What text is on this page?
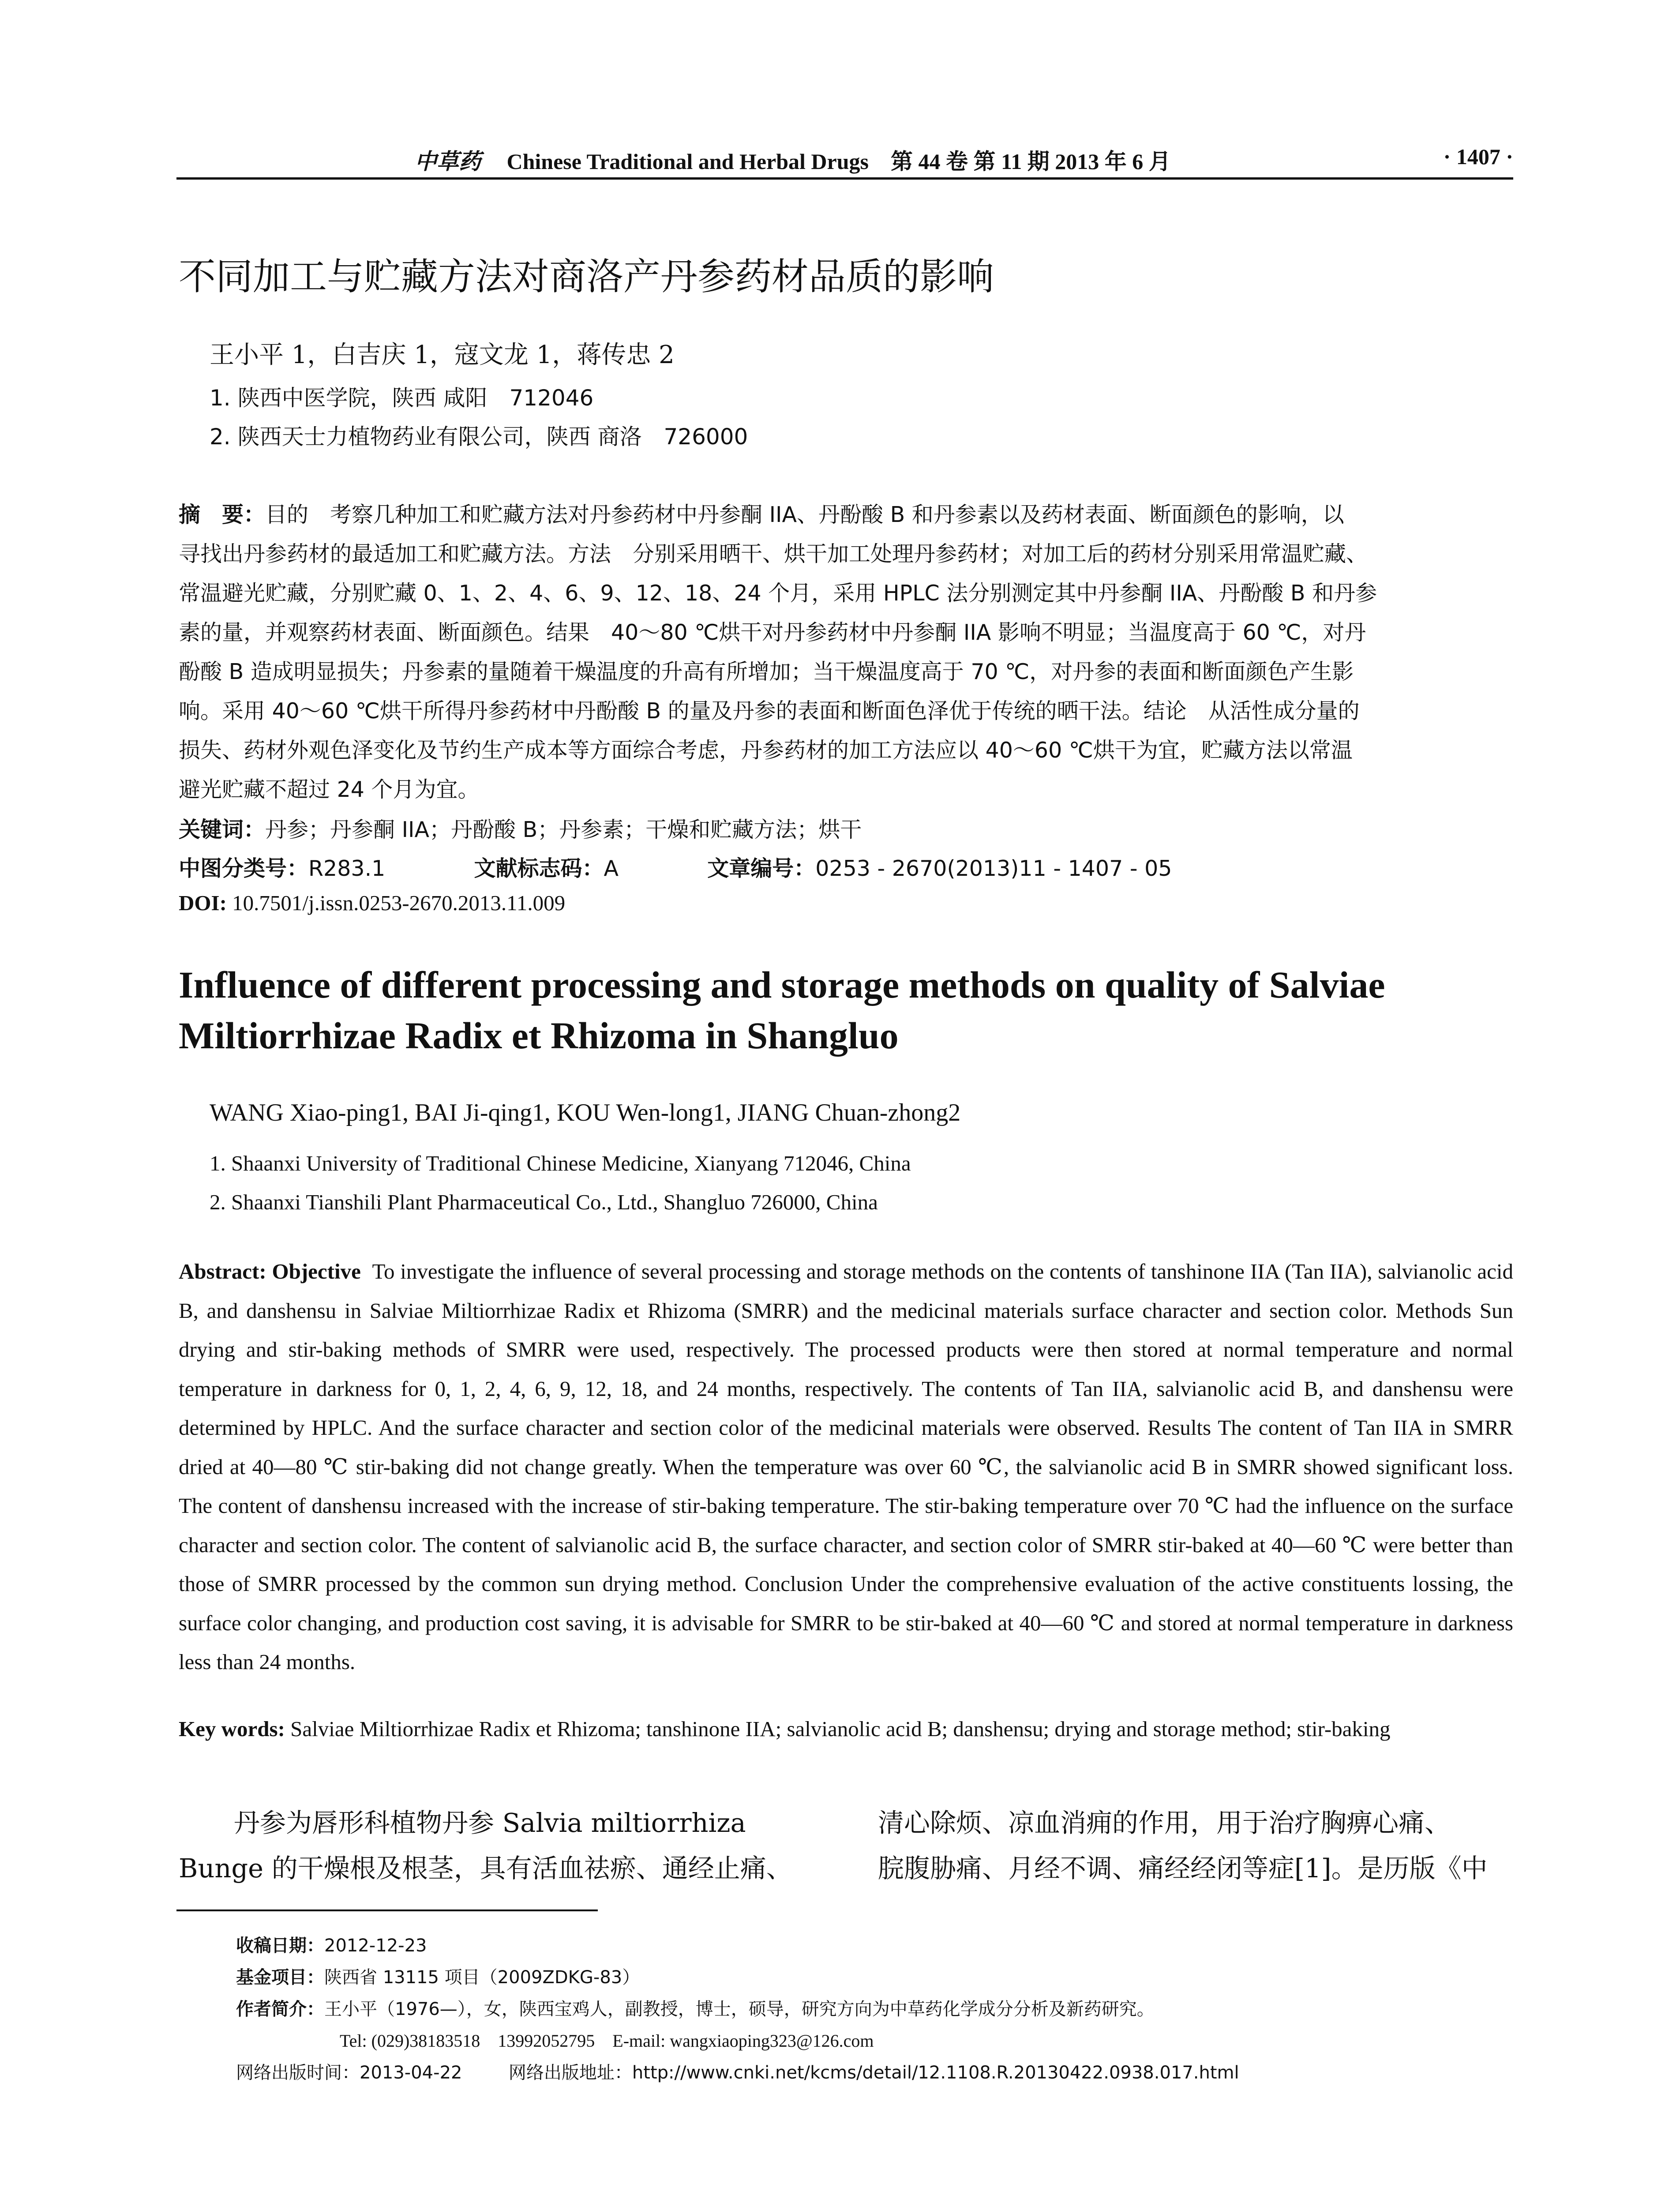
中草药 Chinese Traditional and Herbal Drugs　第 44 卷 第 11 期 2013 年 6 月	· 1407 ·
不同加工与贮藏方法对商洛产丹参药材品质的影响
王小平 1，白吉庆 1，寇文龙 1，蒋传忠 2
1. 陕西中医学院，陕西 咸阳　712046
2. 陕西天士力植物药业有限公司，陕西 商洛　726000
摘　要：目的　考察几种加工和贮藏方法对丹参药材中丹参酮 IIA、丹酚酸 B 和丹参素以及药材表面、断面颜色的影响，以
寻找出丹参药材的最适加工和贮藏方法。方法　分别采用晒干、烘干加工处理丹参药材；对加工后的药材分别采用常温贮藏、
常温避光贮藏，分别贮藏 0、1、2、4、6、9、12、18、24 个月，采用 HPLC 法分别测定其中丹参酮 IIA、丹酚酸 B 和丹参
素的量，并观察药材表面、断面颜色。结果　40～80 ℃烘干对丹参药材中丹参酮 IIA 影响不明显；当温度高于 60 ℃，对丹
酚酸 B 造成明显损失；丹参素的量随着干燥温度的升高有所增加；当干燥温度高于 70 ℃，对丹参的表面和断面颜色产生影
响。采用 40～60 ℃烘干所得丹参药材中丹酚酸 B 的量及丹参的表面和断面色泽优于传统的晒干法。结论　从活性成分量的
损失、药材外观色泽变化及节约生产成本等方面综合考虑，丹参药材的加工方法应以 40～60 ℃烘干为宜，贮藏方法以常温
避光贮藏不超过 24 个月为宜。
关键词：丹参；丹参酮 IIA；丹酚酸 B；丹参素；干燥和贮藏方法；烘干
中图分类号：R283.1	文献标志码：A	文章编号：0253 - 2670(2013)11 - 1407 - 05
DOI: 10.7501/j.issn.0253-2670.2013.11.009
Influence of different processing and storage methods on quality of Salviae
Miltiorrhizae Radix et Rhizoma in Shangluo
WANG Xiao-ping1, BAI Ji-qing1, KOU Wen-long1, JIANG Chuan-zhong2
1. Shaanxi University of Traditional Chinese Medicine, Xianyang 712046, China
2. Shaanxi Tianshili Plant Pharmaceutical Co., Ltd., Shangluo 726000, China
Abstract: Objective To investigate the influence of several processing and storage methods on the contents of tanshinone IIA (Tan IIA), salvianolic acid B, and danshensu in Salviae Miltiorrhizae Radix et Rhizoma (SMRR) and the medicinal materials surface character and section color. Methods Sun drying and stir-baking methods of SMRR were used, respectively. The processed products were then stored at normal temperature and normal temperature in darkness for 0, 1, 2, 4, 6, 9, 12, 18, and 24 months, respectively. The contents of Tan IIA, salvianolic acid B, and danshensu were determined by HPLC. And the surface character and section color of the medicinal materials were observed. Results The content of Tan IIA in SMRR dried at 40—80 ℃ stir-baking did not change greatly. When the temperature was over 60 ℃, the salvianolic acid B in SMRR showed significant loss. The content of danshensu increased with the increase of stir-baking temperature. The stir-baking temperature over 70 ℃ had the influence on the surface character and section color. The content of salvianolic acid B, the surface character, and section color of SMRR stir-baked at 40—60 ℃ were better than those of SMRR processed by the common sun drying method. Conclusion Under the comprehensive evaluation of the active constituents lossing, the surface color changing, and production cost saving, it is advisable for SMRR to be stir-baked at 40—60 ℃ and stored at normal temperature in darkness less than 24 months.
Key words: Salviae Miltiorrhizae Radix et Rhizoma; tanshinone IIA; salvianolic acid B; danshensu; drying and storage method; stir-baking
丹参为唇形科植物丹参 Salvia miltiorrhiza
Bunge 的干燥根及根茎，具有活血祛瘀、通经止痛、
清心除烦、凉血消痈的作用，用于治疗胸痹心痛、
脘腹胁痛、月经不调、痛经经闭等症[1]。是历版《中
收稿日期：2012-12-23
基金项目：陕西省 13115 项目（2009ZDKG-83）
作者简介：王小平（1976—），女，陕西宝鸡人，副教授，博士，硕导，研究方向为中草药化学成分分析及新药研究。
Tel: (029)38183518　13992052795　E-mail: wangxiaoping323@126.com
网络出版时间：2013-04-22	网络出版地址：http://www.cnki.net/kcms/detail/12.1108.R.20130422.0938.017.html
